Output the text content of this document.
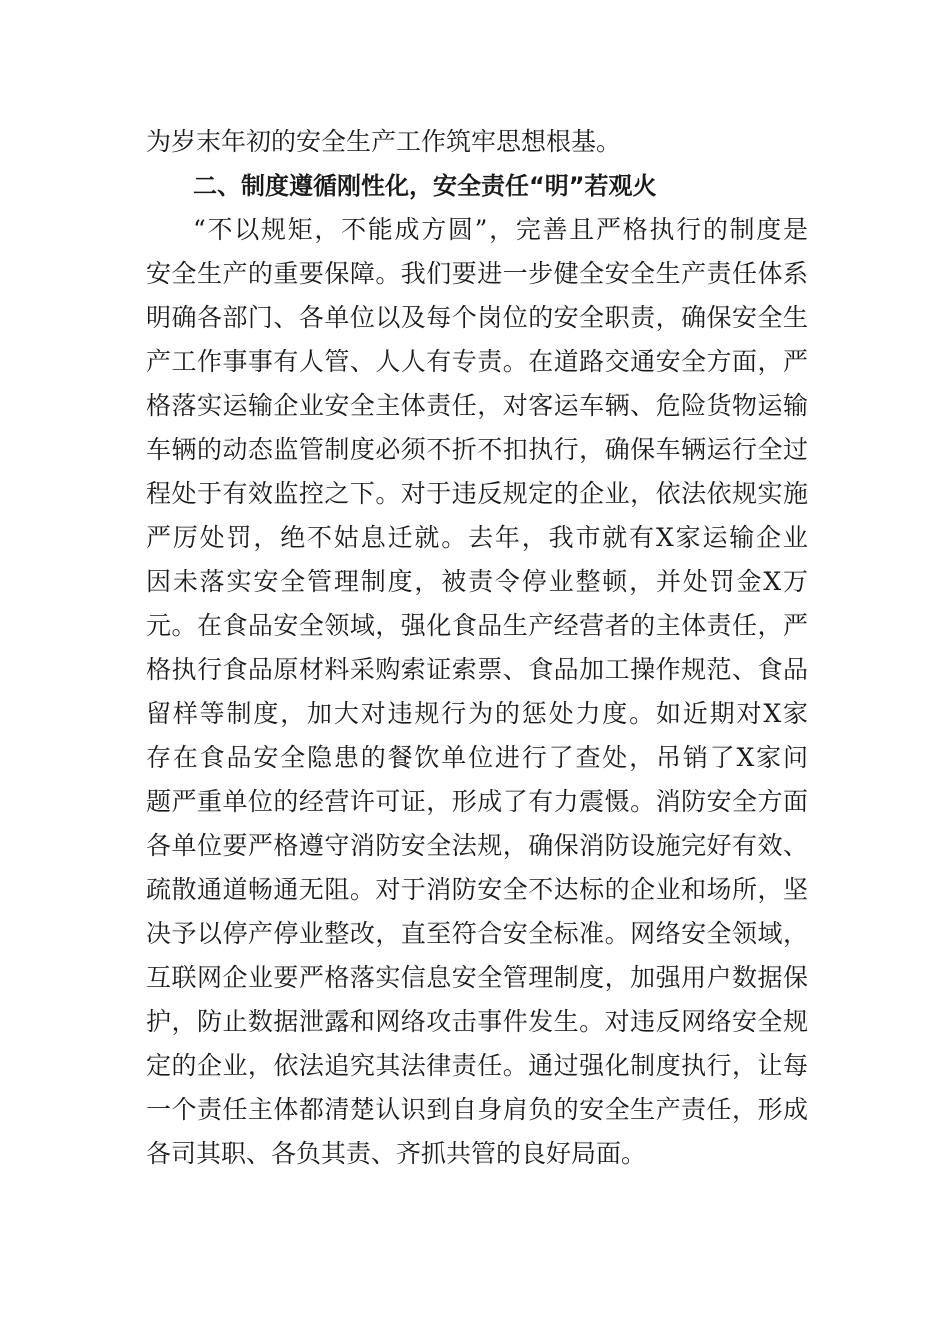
为岁末年初的安全生产工作筑牢思想根基。
二、制度遵循刚性化，安全责任“明”若观火
“不以规矩，不能成方圆”，完善且严格执行的制度是
安全生产的重要保障。我们要进一步健全安全生产责任体系
明确各部门、各单位以及每个岗位的安全职责，确保安全生
产工作事事有人管、人人有专责。在道路交通安全方面，严
格落实运输企业安全主体责任，对客运车辆、危险货物运输
车辆的动态监管制度必须不折不扣执行，确保车辆运行全过
程处于有效监控之下。对于违反规定的企业，依法依规实施
严厉处罚，绝不姑息迁就。去年，我市就有X家运输企业
因未落实安全管理制度，被责令停业整顿，并处罚金X万
元。在食品安全领域，强化食品生产经营者的主体责任，严
格执行食品原材料采购索证索票、食品加工操作规范、食品
留样等制度，加大对违规行为的惩处力度。如近期对X家
存在食品安全隐患的餐饮单位进行了查处，吊销了X家问
题严重单位的经营许可证，形成了有力震慑。消防安全方面
各单位要严格遵守消防安全法规，确保消防设施完好有效、
疏散通道畅通无阻。对于消防安全不达标的企业和场所，坚
决予以停产停业整改，直至符合安全标准。网络安全领域，
互联网企业要严格落实信息安全管理制度，加强用户数据保
护，防止数据泄露和网络攻击事件发生。对违反网络安全规
定的企业，依法追究其法律责任。通过强化制度执行，让每
一个责任主体都清楚认识到自身肩负的安全生产责任，形成
各司其职、各负其责、齐抓共管的良好局面。
